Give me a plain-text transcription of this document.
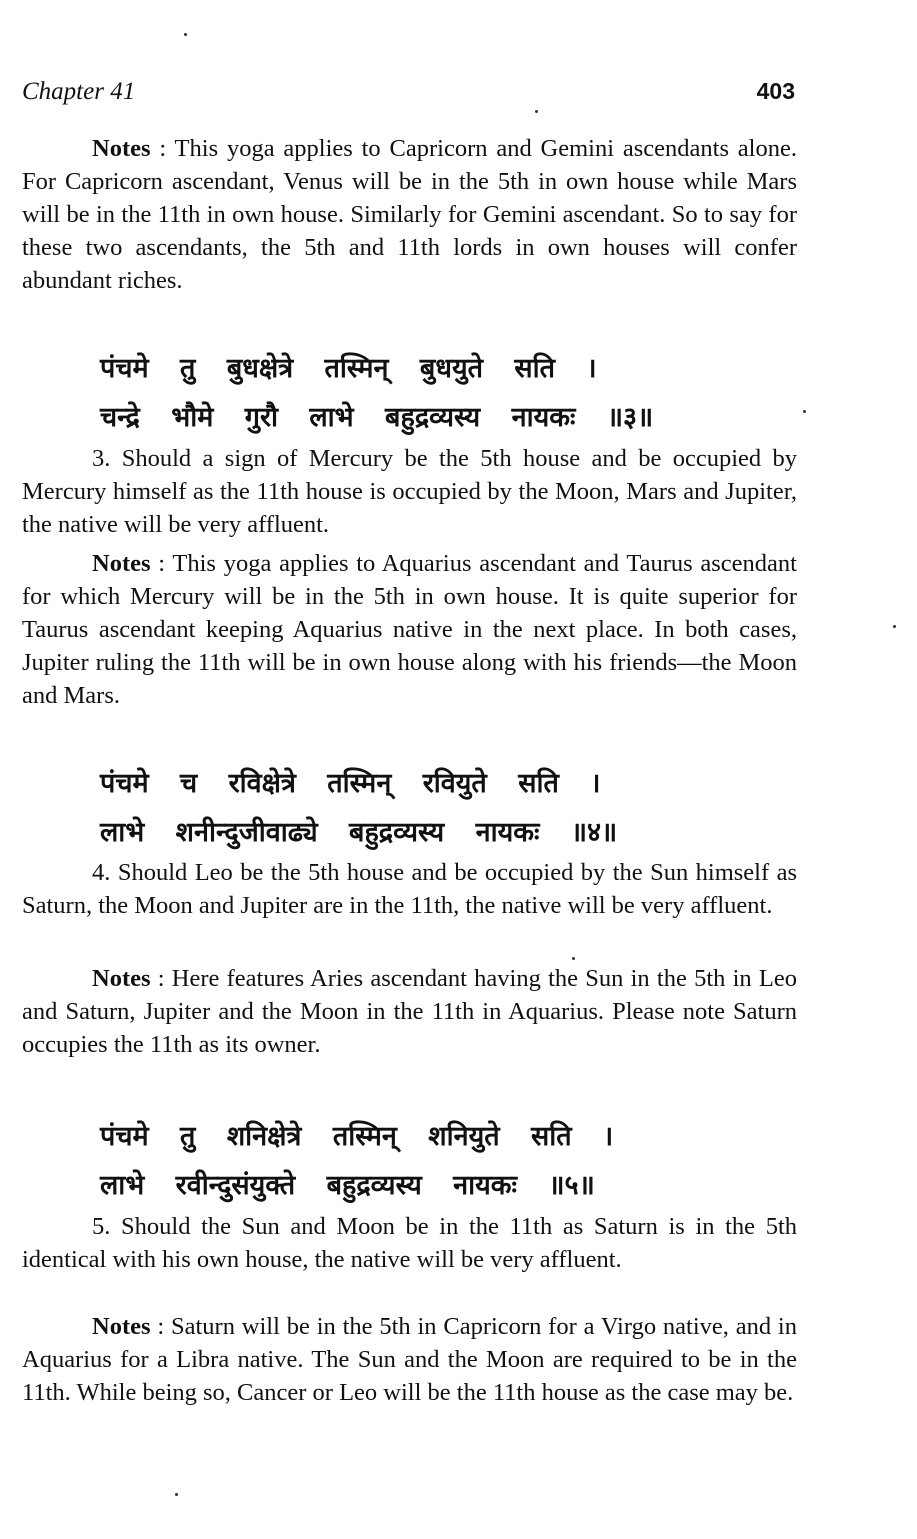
Chapter 41	403

Notes : This yoga applies to Capricorn and Gemini ascendants alone. For Capricorn ascendant, Venus will be in the 5th in own house while Mars will be in the 11th in own house. Similarly for Gemini ascendant. So to say for these two ascendants, the 5th and 11th lords in own houses will confer abundant riches.

पंचमे तु बुधक्षेत्रे तस्मिन् बुधयुते सति ।
चन्द्रे भौमे गुरौ लाभे बहुद्रव्यस्य नायकः ॥३॥

3. Should a sign of Mercury be the 5th house and be occupied by Mercury himself as the 11th house is occupied by the Moon, Mars and Jupiter, the native will be very affluent.

Notes : This yoga applies to Aquarius ascendant and Taurus ascendant for which Mercury will be in the 5th in own house. It is quite superior for Taurus ascendant keeping Aquarius native in the next place. In both cases, Jupiter ruling the 11th will be in own house along with his friends—the Moon and Mars.

पंचमे च रविक्षेत्रे तस्मिन् रवियुते सति ।
लाभे शनीन्दुजीवाढ्ये बहुद्रव्यस्य नायकः ॥४॥

4. Should Leo be the 5th house and be occupied by the Sun himself as Saturn, the Moon and Jupiter are in the 11th, the native will be very affluent.

Notes : Here features Aries ascendant having the Sun in the 5th in Leo and Saturn, Jupiter and the Moon in the 11th in Aquarius. Please note Saturn occupies the 11th as its owner.

पंचमे तु शनिक्षेत्रे तस्मिन् शनियुते सति ।
लाभे रवीन्दुसंयुक्ते बहुद्रव्यस्य नायकः ॥५॥

5. Should the Sun and Moon be in the 11th as Saturn is in the 5th identical with his own house, the native will be very affluent.

Notes : Saturn will be in the 5th in Capricorn for a Virgo native, and in Aquarius for a Libra native. The Sun and the Moon are required to be in the 11th. While being so, Cancer or Leo will be the 11th house as the case may be.
